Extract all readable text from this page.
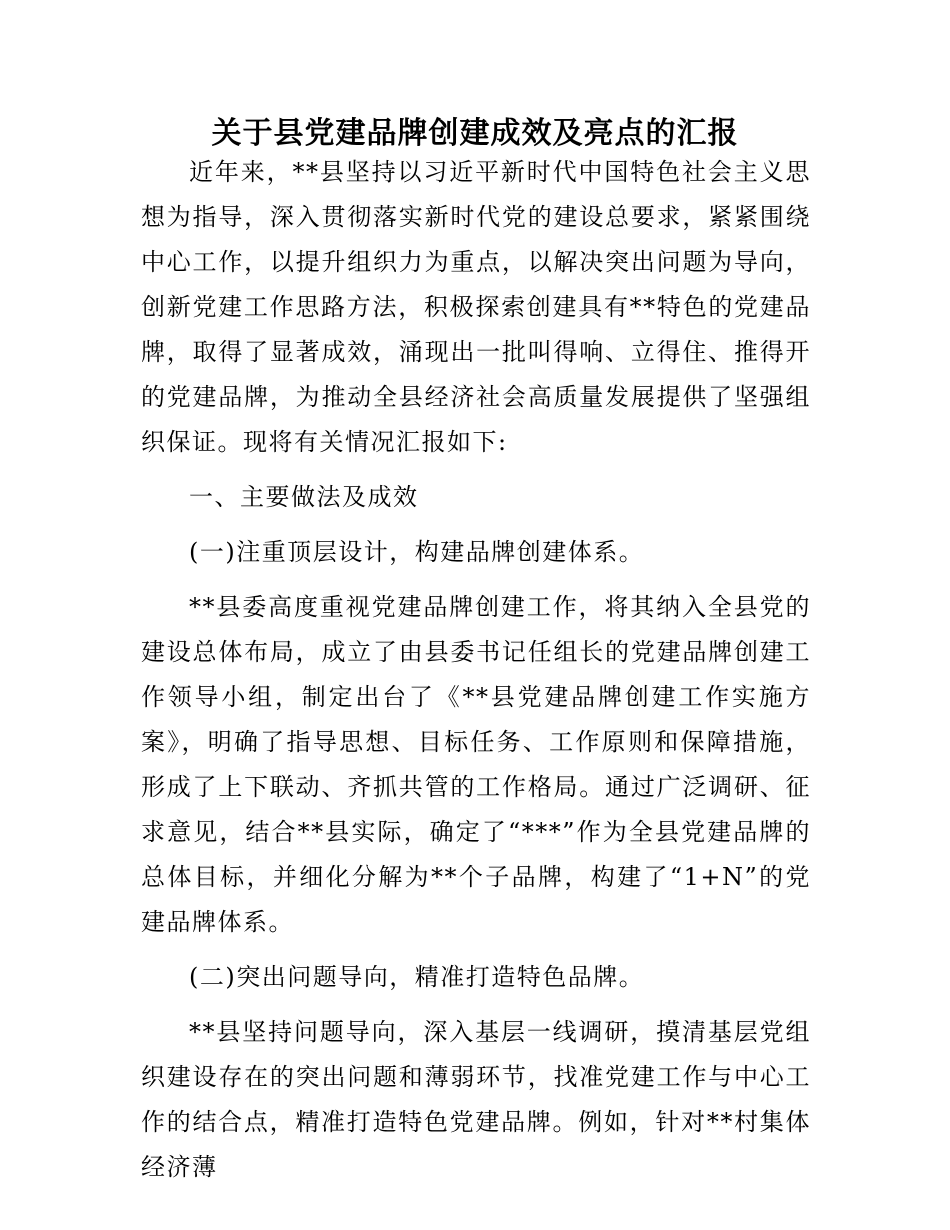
关于县党建品牌创建成效及亮点的汇报

近年来，**县坚持以习近平新时代中国特色社会主义思想为指导，深入贯彻落实新时代党的建设总要求，紧紧围绕中心工作，以提升组织力为重点，以解决突出问题为导向，创新党建工作思路方法，积极探索创建具有**特色的党建品牌，取得了显著成效，涌现出一批叫得响、立得住、推得开的党建品牌，为推动全县经济社会高质量发展提供了坚强组织保证。现将有关情况汇报如下:

一、主要做法及成效

(一)注重顶层设计，构建品牌创建体系。

**县委高度重视党建品牌创建工作，将其纳入全县党的建设总体布局，成立了由县委书记任组长的党建品牌创建工作领导小组，制定出台了《**县党建品牌创建工作实施方案》，明确了指导思想、目标任务、工作原则和保障措施，形成了上下联动、齐抓共管的工作格局。通过广泛调研、征求意见，结合**县实际，确定了“***”作为全县党建品牌的总体目标，并细化分解为**个子品牌，构建了“1+N”的党建品牌体系。

(二)突出问题导向，精准打造特色品牌。

**县坚持问题导向，深入基层一线调研，摸清基层党组织建设存在的突出问题和薄弱环节，找准党建工作与中心工作的结合点，精准打造特色党建品牌。例如，针对**村集体经济薄
